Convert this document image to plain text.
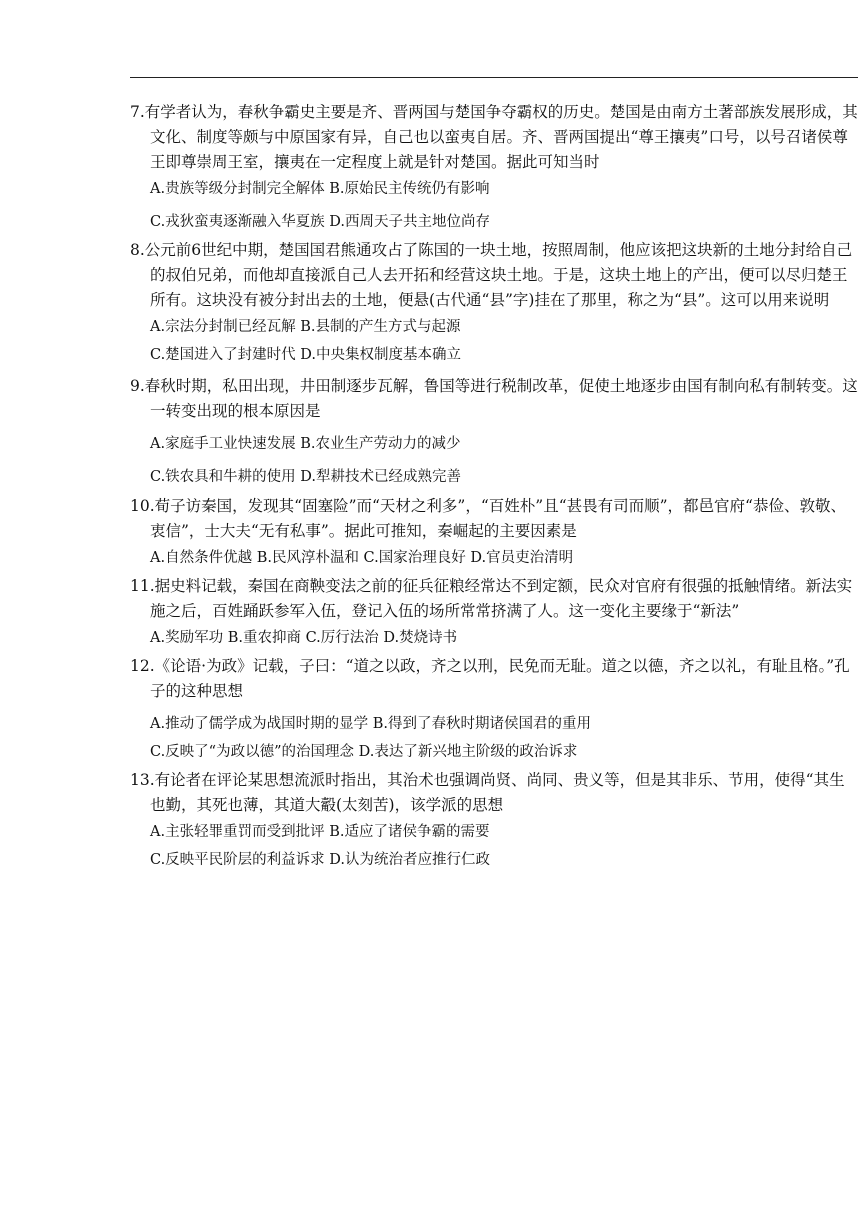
7.有学者认为，春秋争霸史主要是齐、晋两国与楚国争夺霸权的历史。楚国是由南方土著部族发展形成，其文化、制度等颇与中原国家有异，自己也以蛮夷自居。齐、晋两国提出“尊王攘夷”口号，以号召诸侯尊王即尊崇周王室，攘夷在一定程度上就是针对楚国。据此可知当时

A.贵族等级分封制完全解体 B.原始民主传统仍有影响

C.戎狄蛮夷逐渐融入华夏族 D.西周天子共主地位尚存

8.公元前6世纪中期，楚国国君熊通攻占了陈国的一块土地，按照周制，他应该把这块新的土地分封给自己的叔伯兄弟，而他却直接派自己人去开拓和经营这块土地。于是，这块土地上的产出，便可以尽归楚王所有。这块没有被分封出去的土地，便悬(古代通“县”字)挂在了那里，称之为“县”。这可以用来说明

A.宗法分封制已经瓦解 B.县制的产生方式与起源

C.楚国进入了封建时代 D.中央集权制度基本确立

9.春秋时期，私田出现，井田制逐步瓦解，鲁国等进行税制改革，促使土地逐步由国有制向私有制转变。这一转变出现的根本原因是

A.家庭手工业快速发展 B.农业生产劳动力的减少

C.铁农具和牛耕的使用 D.犁耕技术已经成熟完善

10.荀子访秦国，发现其“固塞险”而“天材之利多”，“百姓朴”且“甚畏有司而顺”，都邑官府“恭俭、敦敬、衷信”，士大夫“无有私事”。据此可推知，秦崛起的主要因素是

A.自然条件优越 B.民风淳朴温和 C.国家治理良好 D.官员吏治清明

11.据史料记载，秦国在商鞅变法之前的征兵征粮经常达不到定额，民众对官府有很强的抵触情绪。新法实施之后，百姓踊跃参军入伍，登记入伍的场所常常挤满了人。这一变化主要缘于“新法”

A.奖励军功 B.重农抑商 C.厉行法治 D.焚烧诗书

12.《论语·为政》记载，子曰：“道之以政，齐之以刑，民免而无耻。道之以德，齐之以礼，有耻且格。”孔子的这种思想

A.推动了儒学成为战国时期的显学 B.得到了春秋时期诸侯国君的重用

C.反映了“为政以德”的治国理念 D.表达了新兴地主阶级的政治诉求

13.有论者在评论某思想流派时指出，其治术也强调尚贤、尚同、贵义等，但是其非乐、节用，使得“其生也勤，其死也薄，其道大觳(太刻苦)，该学派的思想

A.主张轻罪重罚而受到批评 B.适应了诸侯争霸的需要

C.反映平民阶层的利益诉求 D.认为统治者应推行仁政
